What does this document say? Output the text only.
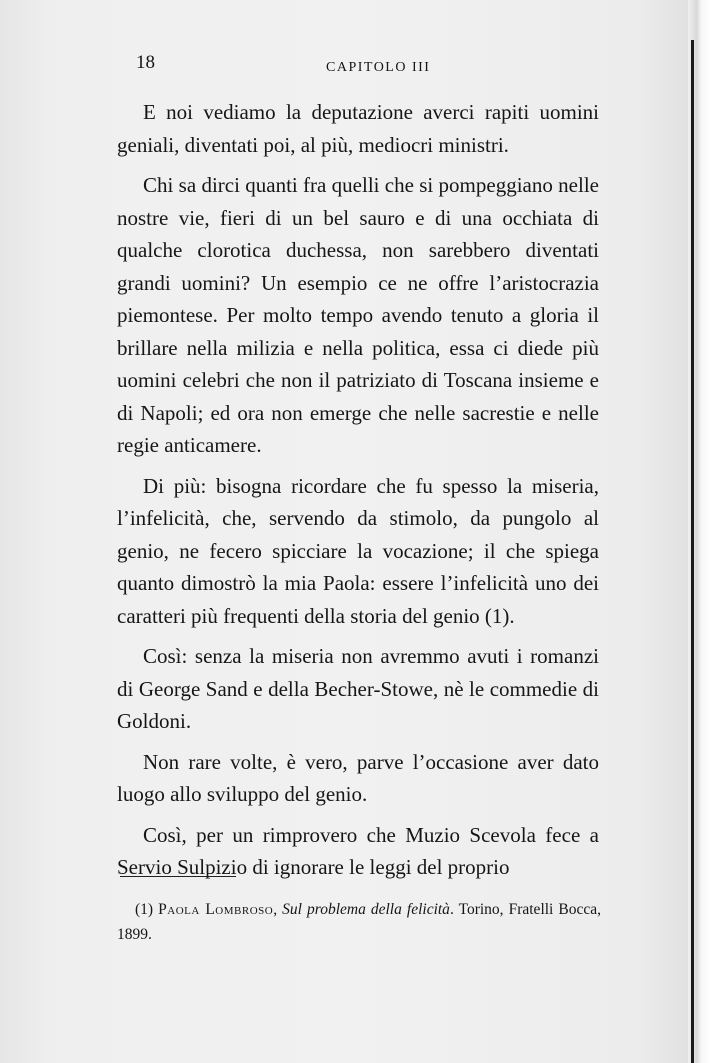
18	CAPITOLO III

E noi vediamo la deputazione averci rapiti uomini geniali, diventati poi, al più, mediocri ministri.

Chi sa dirci quanti fra quelli che si pompeggiano nelle nostre vie, fieri di un bel sauro e di una occhiata di qualche clorotica duchessa, non sarebbero diventati grandi uomini? Un esempio ce ne offre l’aristocrazia piemontese. Per molto tempo avendo tenuto a gloria il brillare nella milizia e nella politica, essa ci diede più uomini celebri che non il patriziato di Toscana insieme e di Napoli; ed ora non emerge che nelle sacrestie e nelle regie anticamere.

Di più: bisogna ricordare che fu spesso la miseria, l’infelicità, che, servendo da stimolo, da pungolo al genio, ne fecero spicciare la vocazione; il che spiega quanto dimostrò la mia Paola: essere l’infelicità uno dei caratteri più frequenti della storia del genio (1).

Così: senza la miseria non avremmo avuti i romanzi di George Sand e della Becher-Stowe, nè le commedie di Goldoni.

Non rare volte, è vero, parve l’occasione aver dato luogo allo sviluppo del genio.

Così, per un rimprovero che Muzio Scevola fece a Servio Sulpizio di ignorare le leggi del proprio

(1) Paola Lombroso, Sul problema della felicità. Torino, Fratelli Bocca, 1899.
